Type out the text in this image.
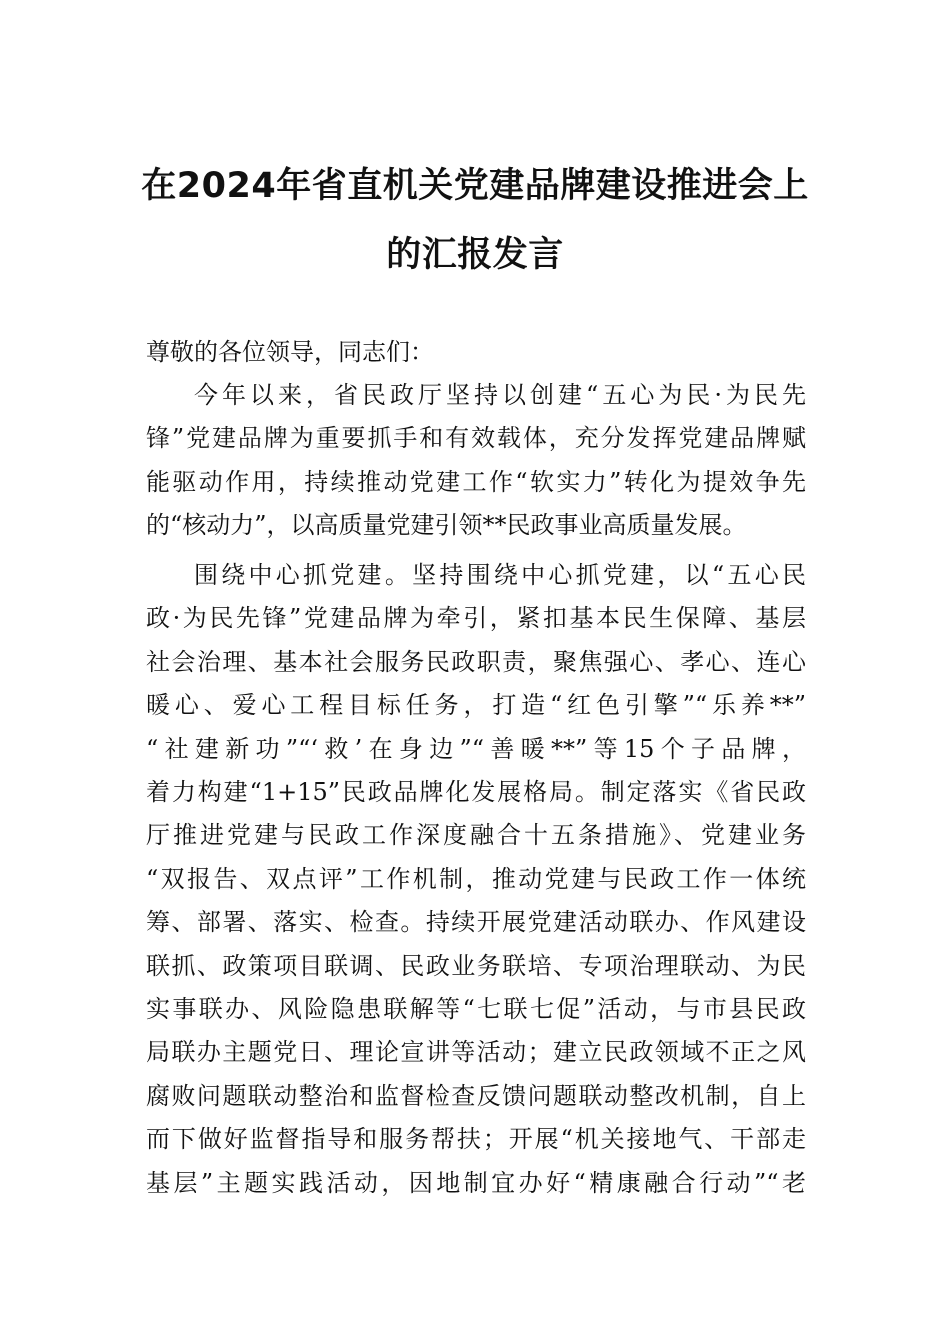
在2024年省直机关党建品牌建设推进会上
的汇报发言

尊敬的各位领导，同志们：

今年以来，省民政厅坚持以创建“五心为民·为民先

锋”党建品牌为重要抓手和有效载体，充分发挥党建品牌赋

能驱动作用，持续推动党建工作“软实力”转化为提效争先

的“核动力”，以高质量党建引领**民政事业高质量发展。

围绕中心抓党建。坚持围绕中心抓党建，以“五心民

政·为民先锋”党建品牌为牵引，紧扣基本民生保障、基层

社会治理、基本社会服务民政职责，聚焦强心、孝心、连心

暖心、爱心工程目标任务，打造“红色引擎”“乐养**”

“社建新功”“‘救’在身边”“善暖**”等15个子品牌，

着力构建“1+15”民政品牌化发展格局。制定落实《省民政

厅推进党建与民政工作深度融合十五条措施》、党建业务

“双报告、双点评”工作机制，推动党建与民政工作一体统

筹、部署、落实、检查。持续开展党建活动联办、作风建设

联抓、政策项目联调、民政业务联培、专项治理联动、为民

实事联办、风险隐患联解等“七联七促”活动，与市县民政

局联办主题党日、理论宣讲等活动；建立民政领域不正之风

腐败问题联动整治和监督检查反馈问题联动整改机制，自上

而下做好监督指导和服务帮扶；开展“机关接地气、干部走

基层”主题实践活动，因地制宜办好“精康融合行动”“老
